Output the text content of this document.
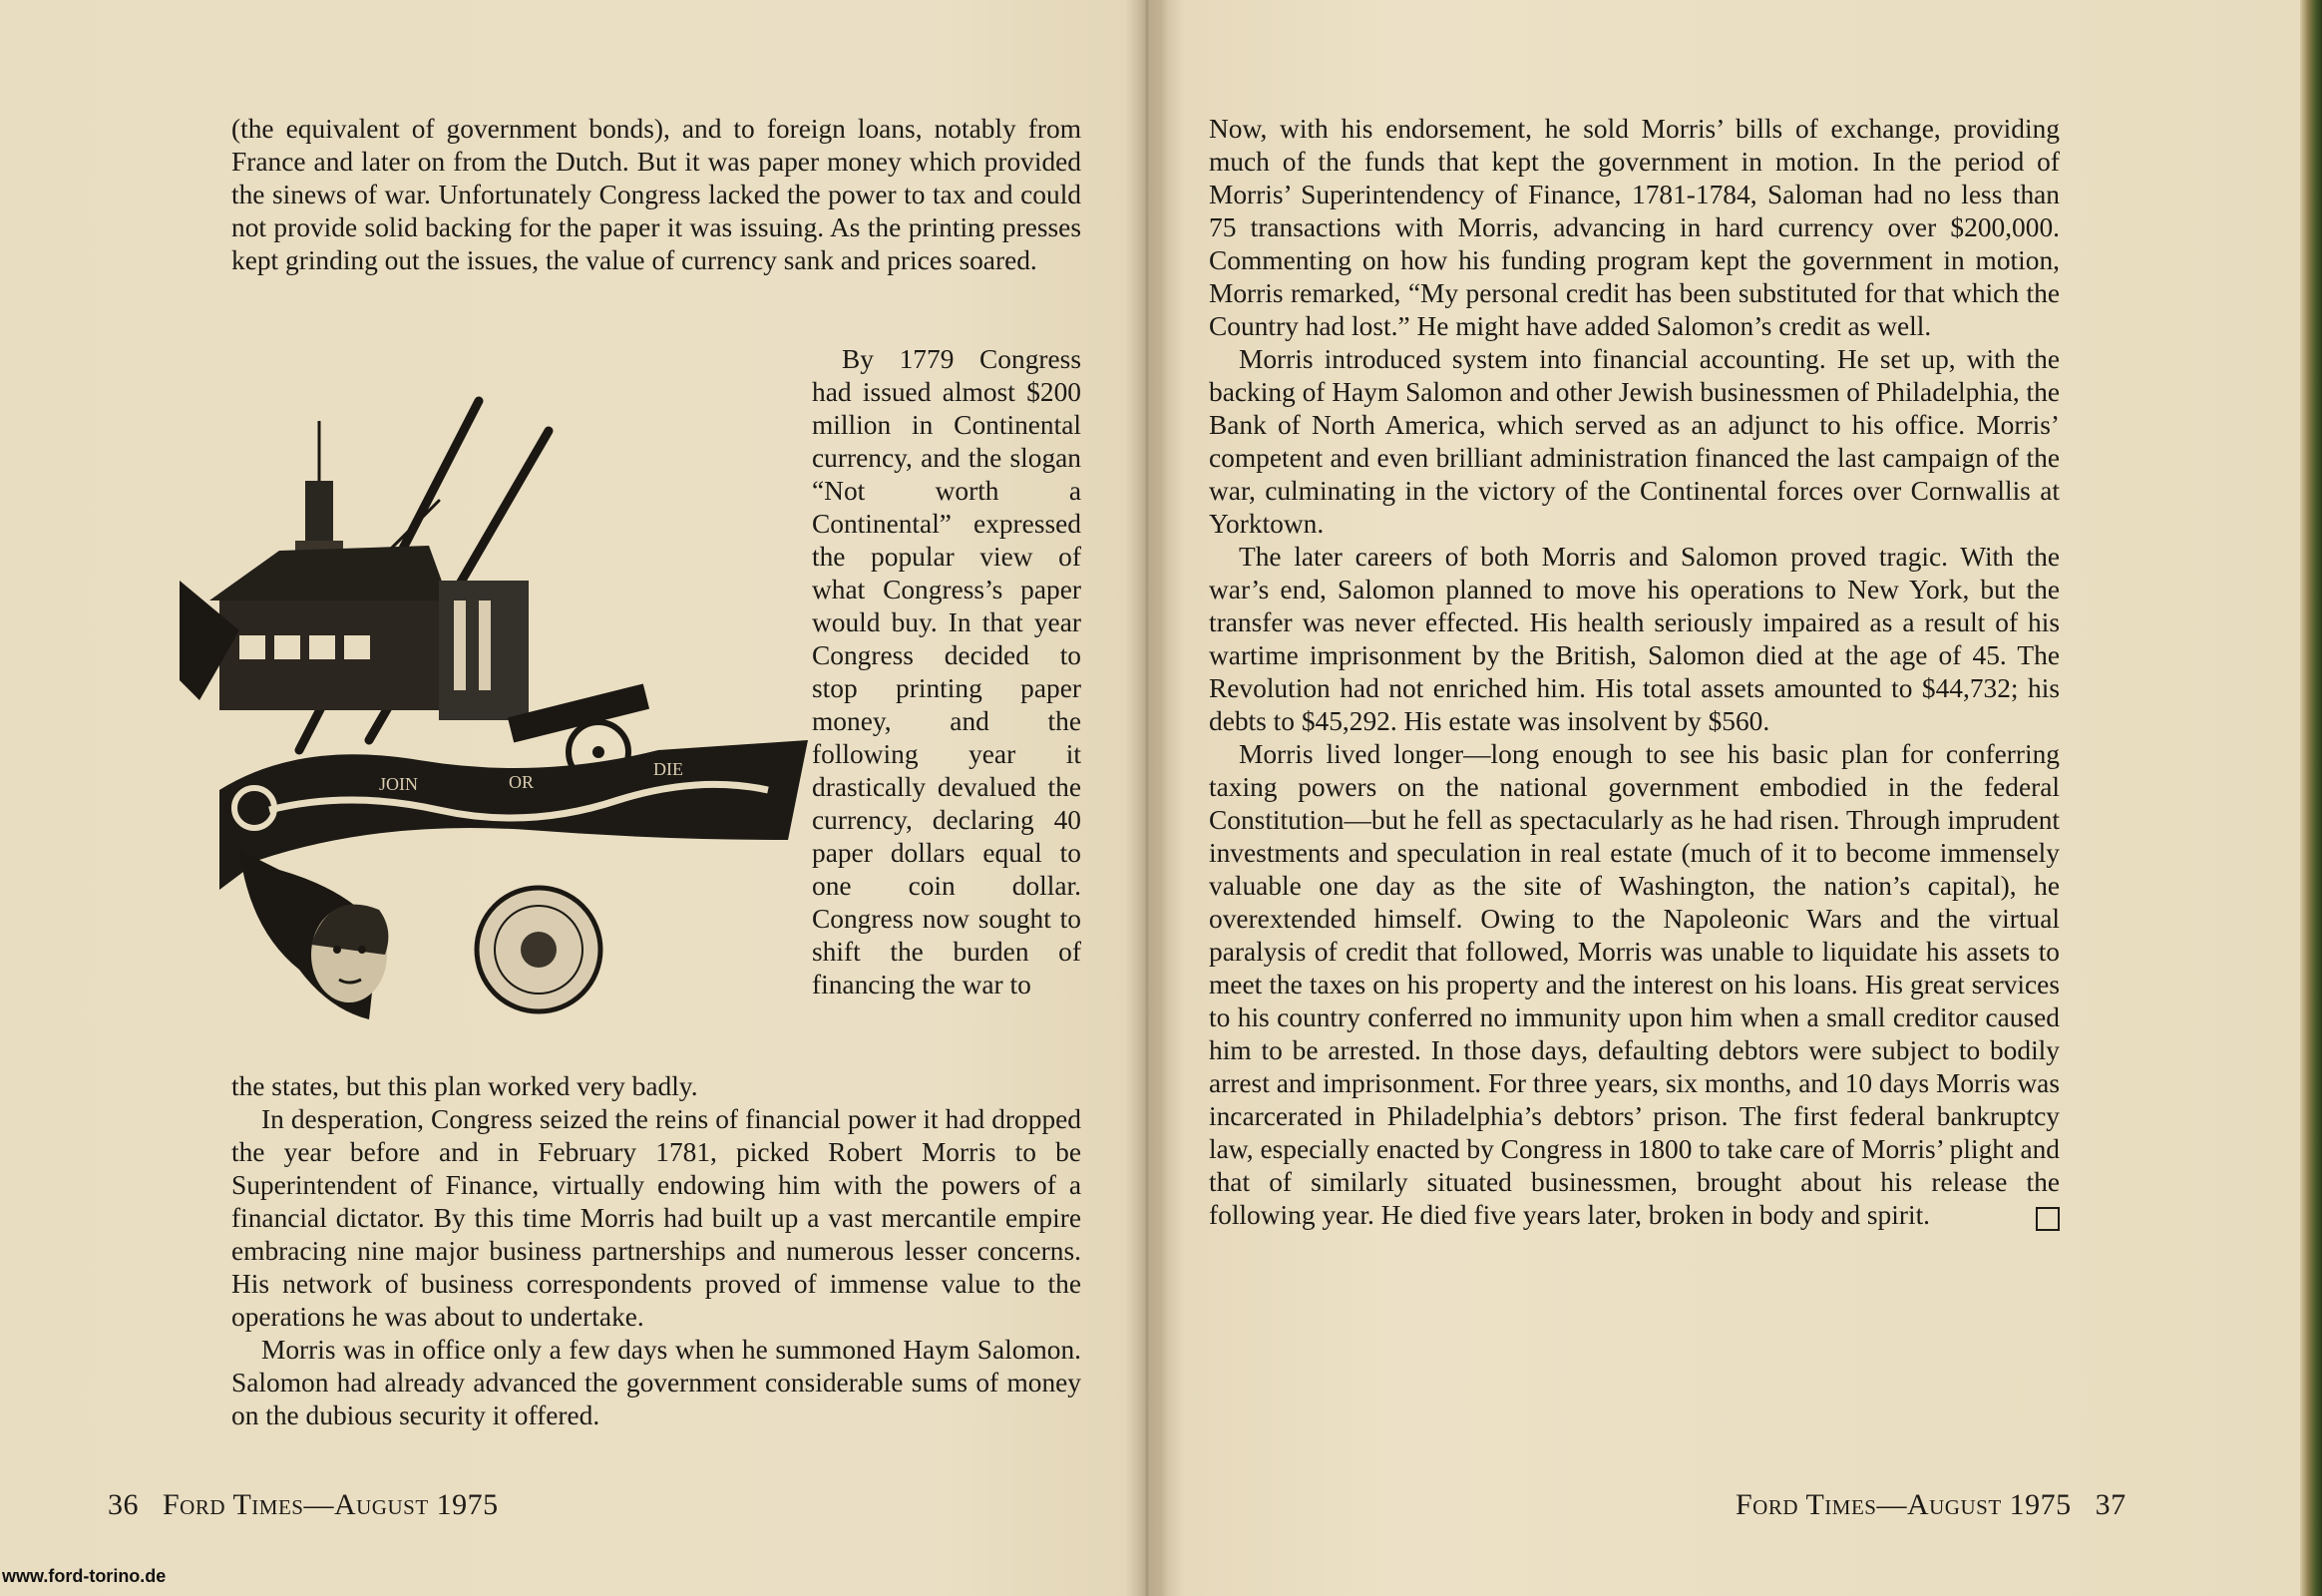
(the equivalent of government bonds), and to foreign loans, notably from France and later on from the Dutch. But it was paper money which provided the sinews of war. Unfortunately Congress lacked the power to tax and could not provide solid backing for the paper it was issuing. As the printing presses kept grinding out the issues, the value of currency sank and prices soared.

JOIN	OR
DIE

By 1779 Congress had issued almost $200 million in Continental currency, and the slogan “Not worth a Continental” expressed the popular view of what Congress’s paper would buy. In that year Congress decided to stop printing paper money, and the following year it drastically devalued the currency, declaring 40 paper dollars equal to one coin dollar. Congress now sought to shift the burden of financing the war to

the states, but this plan worked very badly.

In desperation, Congress seized the reins of financial power it had dropped the year before and in February 1781, picked Robert Morris to be Superintendent of Finance, virtually endowing him with the powers of a financial dictator. By this time Morris had built up a vast mercantile empire embracing nine major business partnerships and numerous lesser concerns. His network of business correspondents proved of immense value to the operations he was about to undertake.

Morris was in office only a few days when he summoned Haym Salomon. Salomon had already advanced the government considerable sums of money on the dubious security it offered.

Now, with his endorsement, he sold Morris’ bills of exchange, providing much of the funds that kept the government in motion. In the period of Morris’ Superintendency of Finance, 1781-1784, Saloman had no less than 75 transactions with Morris, advancing in hard currency over $200,000. Commenting on how his funding program kept the government in motion, Morris remarked, “My personal credit has been substituted for that which the Country had lost.” He might have added Salomon’s credit as well.

Morris introduced system into financial accounting. He set up, with the backing of Haym Salomon and other Jewish businessmen of Philadelphia, the Bank of North America, which served as an adjunct to his office. Morris’ competent and even brilliant administration financed the last campaign of the war, culminating in the victory of the Continental forces over Cornwallis at Yorktown.

The later careers of both Morris and Salomon proved tragic. With the war’s end, Salomon planned to move his operations to New York, but the transfer was never effected. His health seriously impaired as a result of his wartime imprisonment by the British, Salomon died at the age of 45. The Revolution had not enriched him. His total assets amounted to $44,732; his debts to $45,292. His estate was insolvent by $560.

Morris lived longer—long enough to see his basic plan for conferring taxing powers on the national government embodied in the federal Constitution—but he fell as spectacularly as he had risen. Through imprudent investments and speculation in real estate (much of it to become immensely valuable one day as the site of Washington, the nation’s capital), he overextended himself. Owing to the Napoleonic Wars and the virtual paralysis of credit that followed, Morris was unable to liquidate his assets to meet the taxes on his property and the interest on his loans. His great services to his country conferred no immunity upon him when a small creditor caused him to be arrested. In those days, defaulting debtors were subject to bodily arrest and imprisonment. For three years, six months, and 10 days Morris was incarcerated in Philadelphia’s debtors’ prison. The first federal bankruptcy law, especially enacted by Congress in 1800 to take care of Morris’ plight and that of similarly situated businessmen, brought about his release the following year. He died five years later, broken in body and spirit.

36 Ford Times—August 1975	Ford Times—August 1975 37
www.ford-torino.de
